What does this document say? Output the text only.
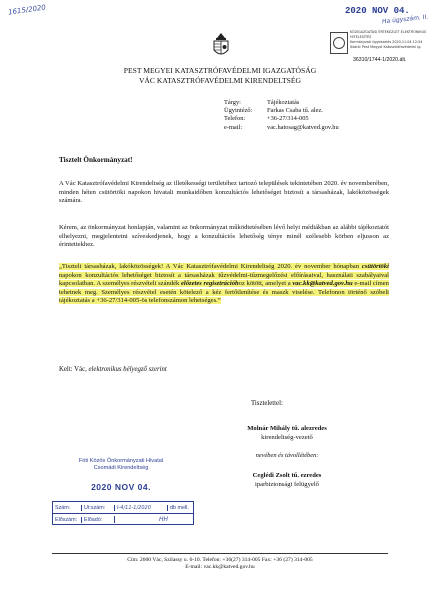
1615/2020	2020 NOV 04.
Ha ügyszám. II.
KÖZIGAZGATÁSI ÉRTEKEZLET ELEKTRONIKUS HITELESÍTÉS
Kormányzati ügykezelés 2020.11.04 12:54
Iktató: Pest Megyei Katasztrófavédelmi Ig.
36310/1744-1/2020.ált.
PEST MEGYEI KATASZTRÓFAVÉDELMI IGAZGATÓSÁG
VÁC KATASZTRÓFAVÉDELMI KIRENDELTSÉG
Tárgy:	Tájékoztatás
Ügyintéző:	Farkas Csaba tű. alez.
Telefon:	+36-27/314-005
e-mail:	vac.hatosag@katved.gov.hu
Tisztelt Önkormányzat!
A Vác Katasztrófavédelmi Kirendeltség az illetékességi területéhez tartozó települések tekintetében 2020. év novemberében, minden héten csütörtöki napokon hivatali munkaidőben konzultációs lehetőséget biztosít a társasházak, lakóközösségek számára.
Kérem, az önkormányzat honlapján, valamint az önkormányzat működtetésében lévő helyi médiákban az alábbi tájékoztatót elhelyezni, megjelentetni szíveskedjenek, hogy a konzultációs lehetőség ténye minél szélesebb körben eljusson az érintettekhez.
„Tisztelt társasházak, lakóközösségek! A Vác Katasztrófavédelmi Kirendeltség 2020. év november hónapban csütörtöki napokon konzultációs lehetőséget biztosít a társasházak tűzvédelmi-tűzmegelőzési előírásaival, használati szabályaival kapcsolatban. A személyes részvételi szándék előzetes regisztrációhoz kötött, amelyet a vac.kk@katved.gov.hu e-mail címen tehetnek meg. Személyes részvétel esetén kötelező a kéz fertőtlenítése és maszk viselése. Telefonon történő szóbeli tájékoztatás a +36-27/314-005-ös telefonszámon lehetséges.”
Kelt: Vác, elektronikus bélyegző szerint
Tisztelettel:
Molnár Mihály tű. alezredes
kirendeltség-vezető
nevében és távollétében:
Ceglédi Zsolt tű. ezredes
iparbiztonsági felügyelő
Fóti Közös Önkormányzati Hivatal
Csomádi Kirendeltség
2020 NOV 04.
Szám:	Ut:szám:	I-4/11-1/2020	db mell.
Előszám:	Előadó:	HH
Cím: 2600 Vác, Szilassy u. 6-10. Telefon: +36(27) 314-005 Fax: +36 (27) 314-005
E-mail: vac.kk@katved.gov.hu
